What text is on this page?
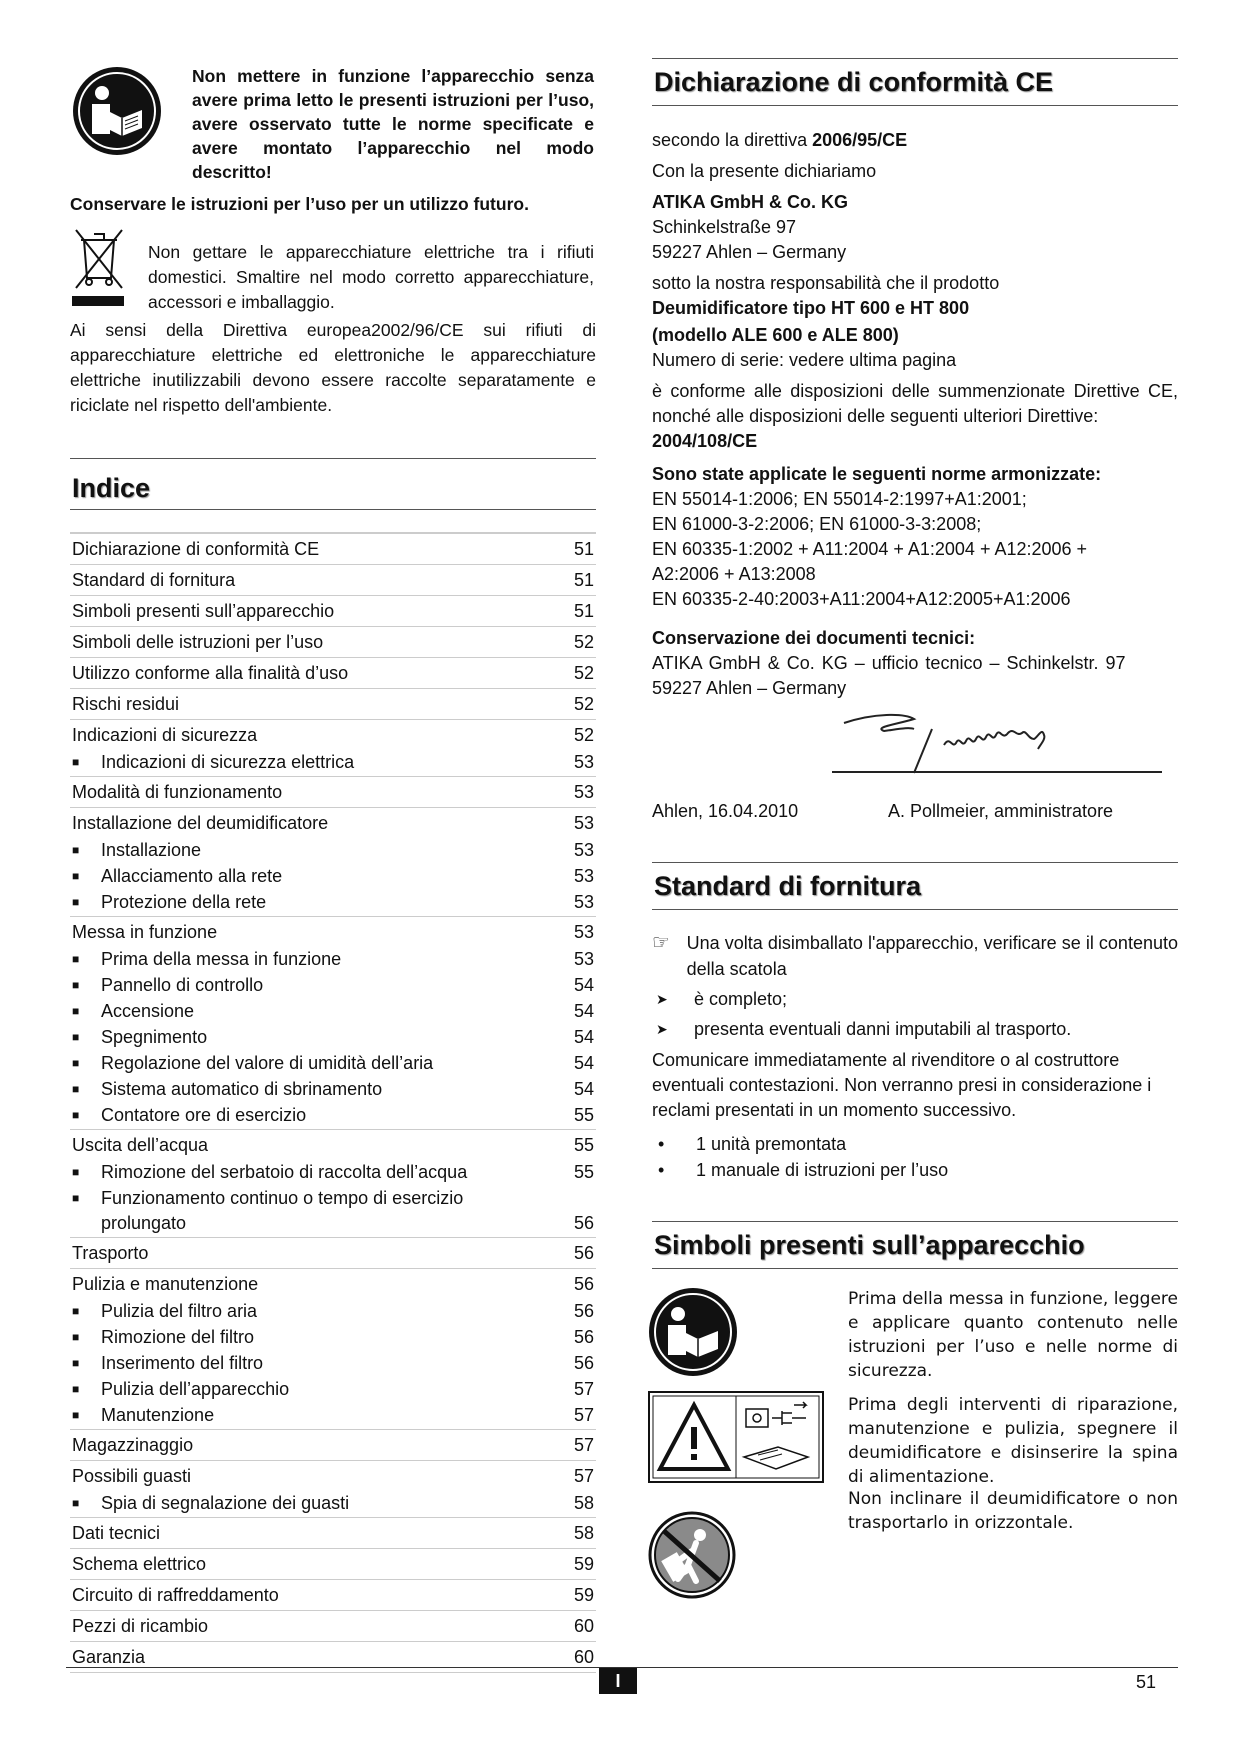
Non mettere in funzione l’apparecchio senza avere prima letto le presenti istruzioni per l’uso, avere osservato tutte le norme specificate e avere montato l’apparecchio nel modo descritto!
Conservare le istruzioni per l’uso per un utilizzo futuro.
Non gettare le apparecchiature elettriche tra i rifiuti domestici. Smaltire nel modo corretto apparecchiature, accessori e imballaggio.
Ai sensi della Direttiva europea2002/96/CE sui rifiuti di apparecchiature elettriche ed elettroniche le apparecchiature elettriche inutilizzabili devono essere raccolte separatamente e riciclate nel rispetto dell'ambiente.
Indice
Dichiarazione di conformità CE	51
Standard di fornitura	51
Simboli presenti sull’apparecchio	51
Simboli delle istruzioni per l’uso	52
Utilizzo conforme alla finalità d’uso	52
Rischi residui	52
Indicazioni di sicurezza	52
■	Indicazioni di sicurezza elettrica	53
Modalità di funzionamento	53
Installazione del deumidificatore	53
■	Installazione	53
■	Allacciamento alla rete	53
■	Protezione della rete	53
Messa in funzione	53
■	Prima della messa in funzione	53
■	Pannello di controllo	54
■	Accensione	54
■	Spegnimento	54
■	Regolazione del valore di umidità dell’aria	54
■	Sistema automatico di sbrinamento	54
■	Contatore ore di esercizio	55
Uscita dell’acqua	55
■	Rimozione del serbatoio di raccolta dell’acqua	55
■	Funzionamento continuo o tempo di esercizio prolungato	56
Trasporto	56
Pulizia e manutenzione	56
■	Pulizia del filtro aria	56
■	Rimozione del filtro	56
■	Inserimento del filtro	56
■	Pulizia dell’apparecchio	57
■	Manutenzione	57
Magazzinaggio	57
Possibili guasti	57
■	Spia di segnalazione dei guasti	58
Dati tecnici	58
Schema elettrico	59
Circuito di raffreddamento	59
Pezzi di ricambio	60
Garanzia	60
Dichiarazione di conformità CE

secondo la direttiva 2006/95/CE

Con la presente dichiariamo

ATIKA GmbH & Co. KG

Schinkelstraße 97

59227 Ahlen – Germany

sotto la nostra responsabilità che il prodotto

Deumidificatore tipo HT 600 e HT 800

(modello ALE 600 e ALE 800)

Numero di serie: vedere ultima pagina

è conforme alle disposizioni delle summenzionate Direttive CE, nonché alle disposizioni delle seguenti ulteriori Direttive:

2004/108/CE

Sono state applicate le seguenti norme armonizzate:

EN 55014-1:2006; EN 55014-2:1997+A1:2001;

EN 61000-3-2:2006; EN 61000-3-3:2008;

EN 60335-1:2002 + A11:2004 + A1:2004 + A12:2006 +

A2:2006 + A13:2008

EN 60335-2-40:2003+A11:2004+A12:2005+A1:2006

Conservazione dei documenti tecnici:

ATIKA GmbH & Co. KG – ufficio tecnico – Schinkelstr. 97

59227 Ahlen – Germany

Ahlen, 16.04.2010	A. Pollmeier, amministratore
Standard di fornitura
☞ Una volta disimballato l'apparecchio, verificare se il contenuto della scatola
➤	è completo;
➤	presenta eventuali danni imputabili al trasporto.

Comunicare immediatamente al rivenditore o al costruttore eventuali contestazioni. Non verranno presi in considerazione i reclami presentati in un momento successivo.

•	1 unità premontata
•	1 manuale di istruzioni per l’uso
Simboli presenti sull’apparecchio
Prima della messa in funzione, leggere e applicare quanto contenuto nelle istruzioni per l’uso e nelle norme di sicurezza.
Prima degli interventi di riparazione, manutenzione e pulizia, spegnere il deumidificatore e disinserire la spina di alimentazione.
Non inclinare il deumidificatore o non trasportarlo in orizzontale.
I	51
